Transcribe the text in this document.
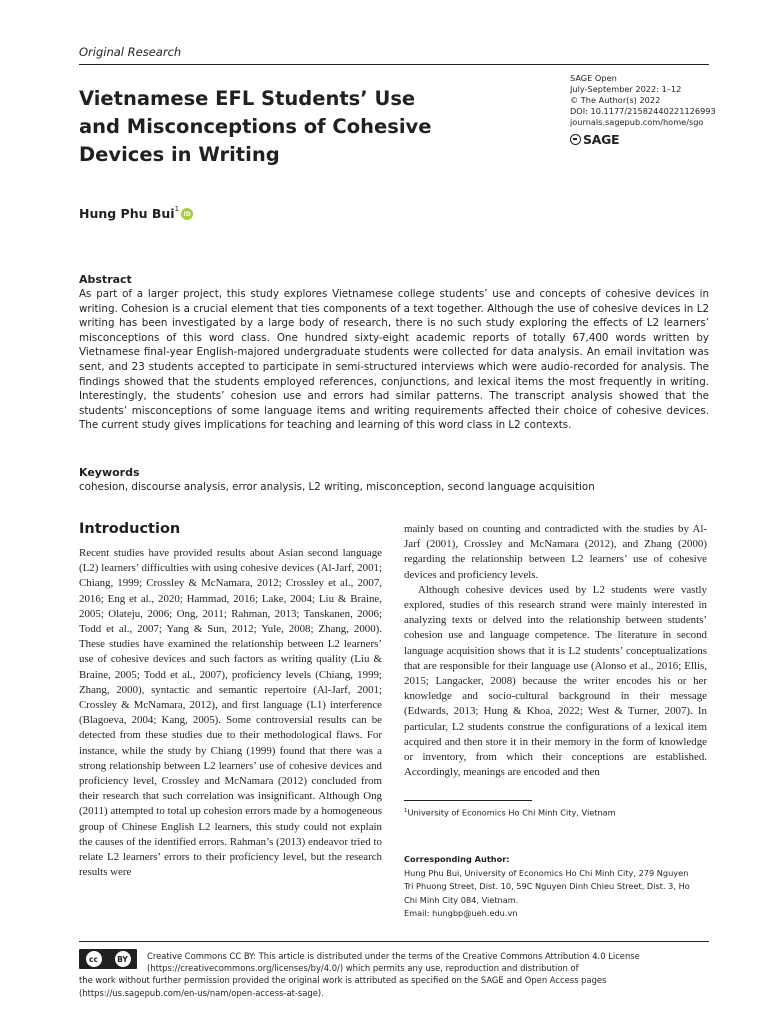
Original Research
Vietnamese EFL Students’ Use
and Misconceptions of Cohesive
Devices in Writing
SAGE Open
July-September 2022: 1–12
© The Author(s) 2022
DOI: 10.1177/21582440221126993
journals.sagepub.com/home/sgo
SAGE
Hung Phu Bui$^1$
iD
Abstract

As part of a larger project, this study explores Vietnamese college students’ use and concepts of cohesive devices in writing. Cohesion is a crucial element that ties components of a text together. Although the use of cohesive devices in L2 writing has been investigated by a large body of research, there is no such study exploring the effects of L2 learners’ misconceptions of this word class. One hundred sixty-eight academic reports of totally 67,400 words written by Vietnamese final-year English-majored undergraduate students were collected for data analysis. An email invitation was sent, and 23 students accepted to participate in semi-structured interviews which were audio-recorded for analysis. The findings showed that the students employed references, conjunctions, and lexical items the most frequently in writing. Interestingly, the students’ cohesion use and errors had similar patterns. The transcript analysis showed that the students’ misconceptions of some language items and writing requirements affected their choice of cohesive devices. The current study gives implications for teaching and learning of this word class in L2 contexts.

Keywords
cohesion, discourse analysis, error analysis, L2 writing, misconception, second language acquisition
Introduction

Recent studies have provided results about Asian second language (L2) learners’ difficulties with using cohesive devices (Al-Jarf, 2001; Chiang, 1999; Crossley & McNamara, 2012; Crossley et al., 2007, 2016; Eng et al., 2020; Hammad, 2016; Lake, 2004; Liu & Braine, 2005; Olateju, 2006; Ong, 2011; Rahman, 2013; Tanskanen, 2006; Todd et al., 2007; Yang & Sun, 2012; Yule, 2008; Zhang, 2000). These studies have examined the relationship between L2 learners’ use of cohesive devices and such factors as writing quality (Liu & Braine, 2005; Todd et al., 2007), proficiency levels (Chiang, 1999; Zhang, 2000), syntactic and semantic repertoire (Al-Jarf, 2001; Crossley & McNamara, 2012), and first language (L1) interference (Blagoeva, 2004; Kang, 2005). Some controversial results can be detected from these studies due to their methodological flaws. For instance, while the study by Chiang (1999) found that there was a strong relationship between L2 learners’ use of cohesive devices and proficiency level, Crossley and McNamara (2012) concluded from their research that such correlation was insignificant. Although Ong (2011) attempted to total up cohesion errors made by a homogeneous group of Chinese English L2 learners, this study could not explain the causes of the identified errors. Rahman’s (2013) endeavor tried to relate L2 learners’ errors to their proficiency level, but the research results were

mainly based on counting and contradicted with the studies by Al-Jarf (2001), Crossley and McNamara (2012), and Zhang (2000) regarding the relationship between L2 learners’ use of cohesive devices and proficiency levels.

Although cohesive devices used by L2 students were vastly explored, studies of this research strand were mainly interested in analyzing texts or delved into the relationship between students’ cohesion use and language competence. The literature in second language acquisition shows that it is L2 students’ conceptualizations that are responsible for their language use (Alonso et al., 2016; Ellis, 2015; Langacker, 2008) because the writer encodes his or her knowledge and socio-cultural background in their message (Edwards, 2013; Hung & Khoa, 2022; West & Turner, 2007). In particular, L2 students construe the configurations of a lexical item acquired and then store it in their memory in the form of knowledge or inventory, from which their conceptions are established. Accordingly, meanings are encoded and then

$^1$University of Economics Ho Chi Minh City, Vietnam
Corresponding Author:
Hung Phu Bui, University of Economics Ho Chi Minh City, 279 Nguyen
Tri Phuong Street, Dist. 10, 59C Nguyen Dinh Chieu Street, Dist. 3, Ho
Chi Minh City 084, Vietnam.
Email: hungbp@ueh.edu.vn
cc	BY	Creative Commons CC BY: This article is distributed under the terms of the Creative Commons Attribution 4.0 License
(https://creativecommons.org/licenses/by/4.0/) which permits any use, reproduction and distribution of
the work without further permission provided the original work is attributed as specified on the SAGE and Open Access pages
(https://us.sagepub.com/en-us/nam/open-access-at-sage).
